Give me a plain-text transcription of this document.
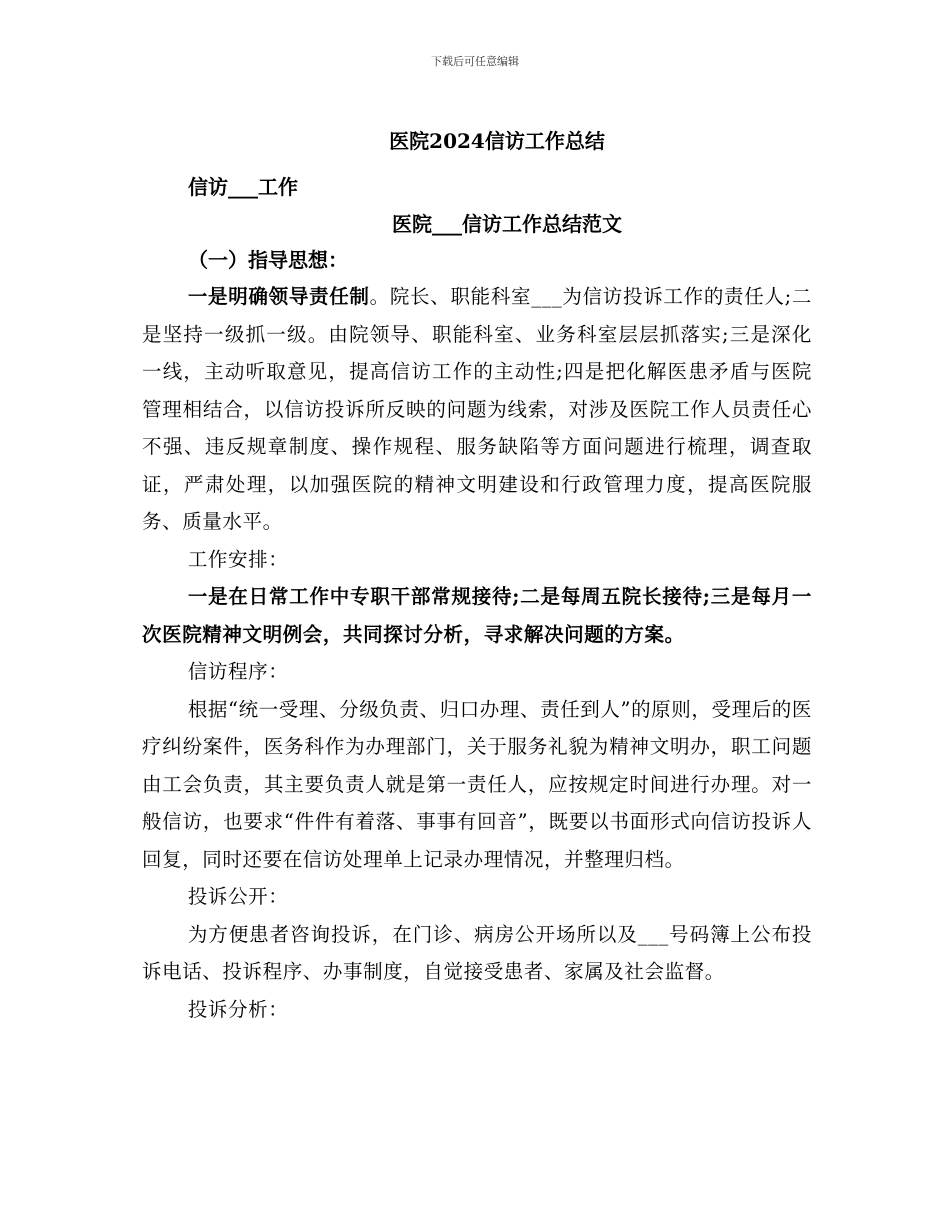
下载后可任意编辑
医院2024信访工作总结
信访___工作
医院___信访工作总结范文
（一）指导思想：

一是明确领导责任制。院长、职能科室___为信访投诉工作的责任人;二是坚持一级抓一级。由院领导、职能科室、业务科室层层抓落实;三是深化一线，主动听取意见，提高信访工作的主动性;四是把化解医患矛盾与医院管理相结合，以信访投诉所反映的问题为线索，对涉及医院工作人员责任心不强、违反规章制度、操作规程、服务缺陷等方面问题进行梳理，调查取证，严肃处理，以加强医院的精神文明建设和行政管理力度，提高医院服务、质量水平。

工作安排：

一是在日常工作中专职干部常规接待;二是每周五院长接待;三是每月一次医院精神文明例会，共同探讨分析，寻求解决问题的方案。

信访程序：

根据“统一受理、分级负责、归口办理、责任到人”的原则，受理后的医疗纠纷案件，医务科作为办理部门，关于服务礼貌为精神文明办，职工问题由工会负责，其主要负责人就是第一责任人，应按规定时间进行办理。对一般信访，也要求“件件有着落、事事有回音”，既要以书面形式向信访投诉人回复，同时还要在信访处理单上记录办理情况，并整理归档。

投诉公开：

为方便患者咨询投诉，在门诊、病房公开场所以及___号码簿上公布投诉电话、投诉程序、办事制度，自觉接受患者、家属及社会监督。

投诉分析：
